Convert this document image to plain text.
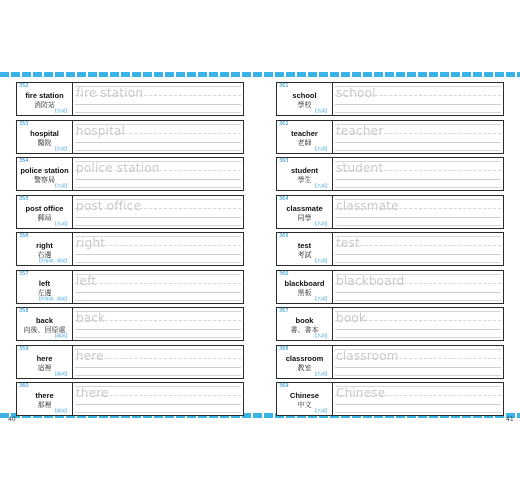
352
fire station
消防站
【名詞】
fire station
353
hospital
醫院
【名詞】
hospital
354
police station
警察局
【名詞】
police station
355
post office
郵局
【名詞】
post office
356
right
右邊
【形容詞、副詞】
right
357
left
左邊
【形容詞、副詞】
left
358
back
向後、回原處
【副詞】
back
359
here
這裡
【副詞】
here
360
there
那裡
【副詞】
there
361
school
學校
【名詞】
school
362
teacher
老師
【名詞】
teacher
363
student
學生
【名詞】
student
364
classmate
同學
【名詞】
classmate
365
test
考試
【名詞】
test
366
blackboard
黑板
【名詞】
blackboard
367
book
書、書本
【名詞】
book
368
classroom
教室
【名詞】
classroom
369
Chinese
中文
【名詞】
Chinese
40	41
